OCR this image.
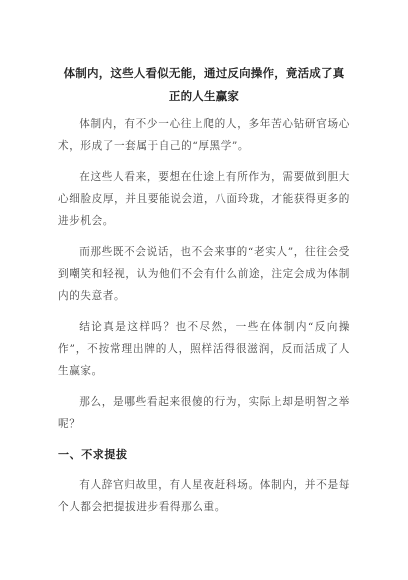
体制内，这些人看似无能，通过反向操作，竟活成了真正的人生赢家

体制内，有不少一心往上爬的人，多年苦心钻研官场心术，形成了一套属于自己的“厚黑学”。

在这些人看来，要想在仕途上有所作为，需要做到胆大心细脸皮厚，并且要能说会道，八面玲珑，才能获得更多的进步机会。

而那些既不会说话，也不会来事的“老实人”，往往会受到嘲笑和轻视，认为他们不会有什么前途，注定会成为体制内的失意者。

结论真是这样吗？也不尽然，一些在体制内“反向操作”，不按常理出牌的人，照样活得很滋润，反而活成了人生赢家。

那么，是哪些看起来很傻的行为，实际上却是明智之举呢？

一、不求提拔

有人辞官归故里，有人星夜赶科场。体制内，并不是每个人都会把提拔进步看得那么重。
